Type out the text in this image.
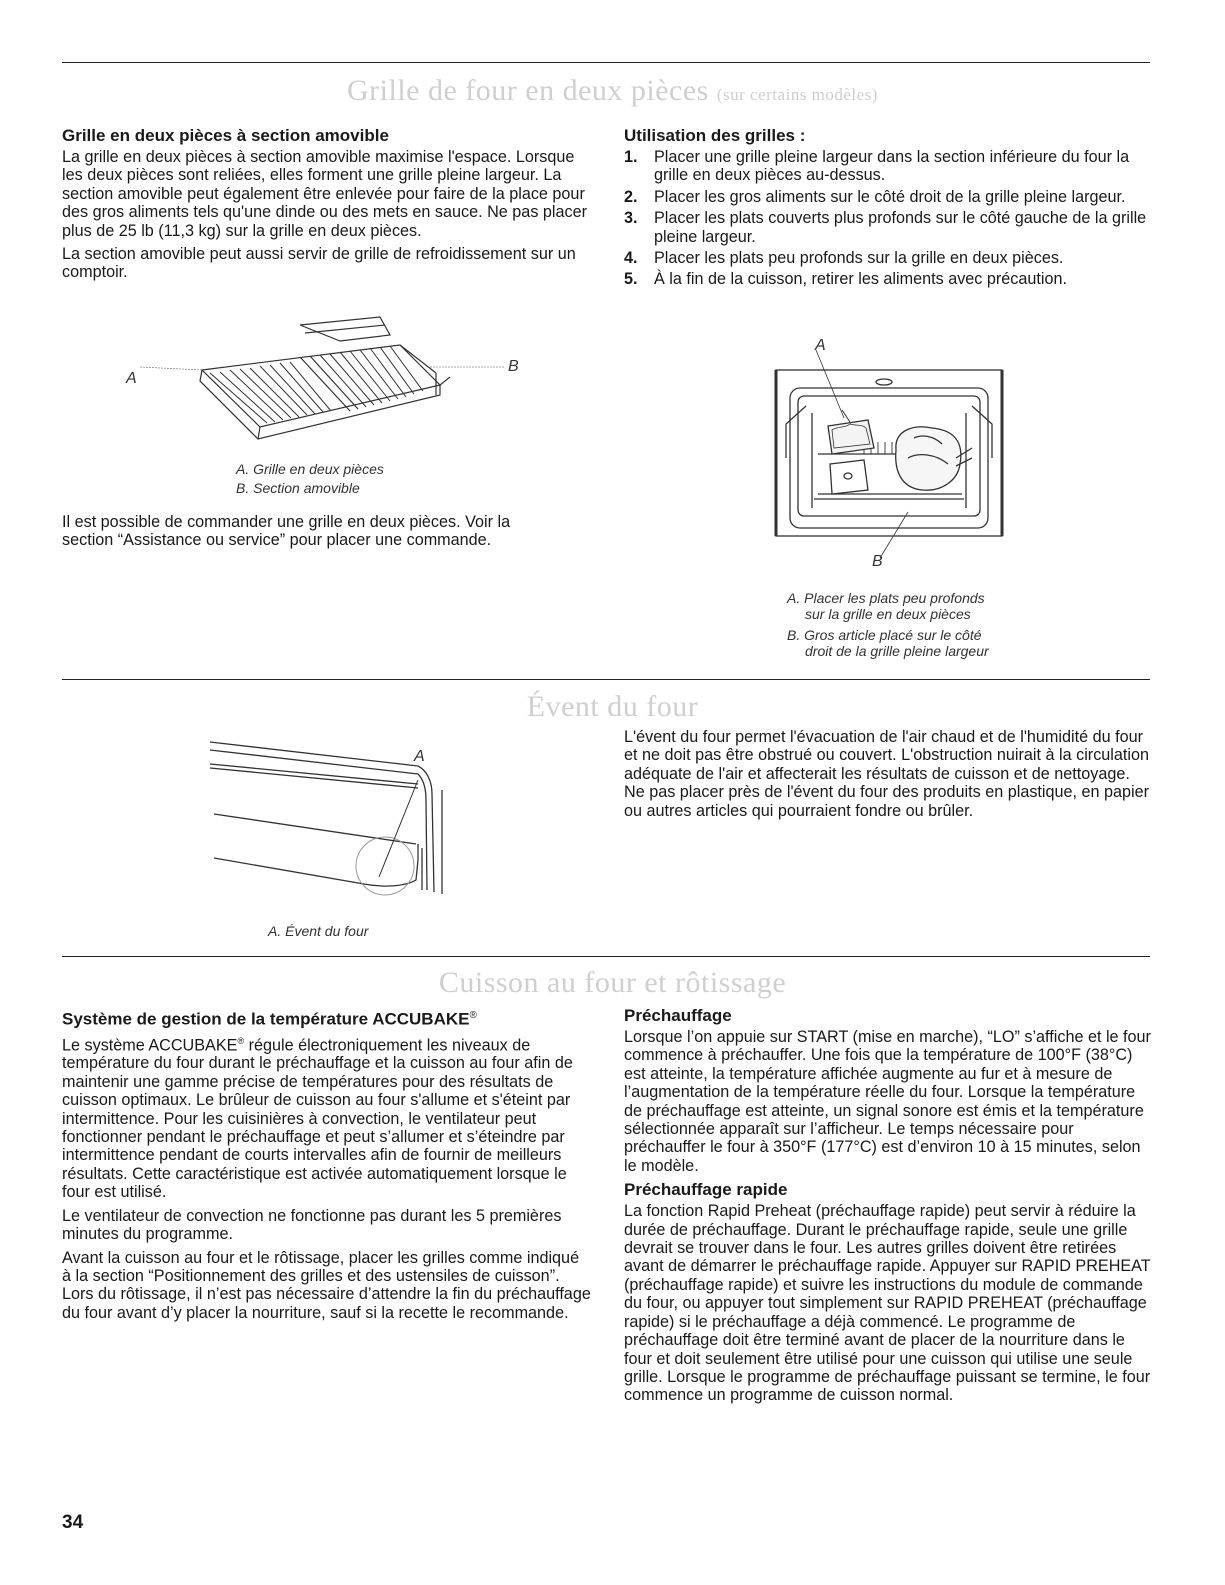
Grille de four en deux pièces (sur certains modèles)
Grille en deux pièces à section amovible

La grille en deux pièces à section amovible maximise l'espace. Lorsque les deux pièces sont reliées, elles forment une grille pleine largeur. La section amovible peut également être enlevée pour faire de la place pour des gros aliments tels qu'une dinde ou des mets en sauce. Ne pas placer plus de 25 lb (11,3 kg) sur la grille en deux pièces.

La section amovible peut aussi servir de grille de refroidissement sur un comptoir.

A
B
A. Grille en deux pièces
B. Section amovible

Il est possible de commander une grille en deux pièces. Voir la section “Assistance ou service” pour placer une commande.

Utilisation des grilles :
1. Placer une grille pleine largeur dans la section inférieure du four la grille en deux pièces au-dessus.
2. Placer les gros aliments sur le côté droit de la grille pleine largeur.
3. Placer les plats couverts plus profonds sur le côté gauche de la grille pleine largeur.
4. Placer les plats peu profonds sur la grille en deux pièces.
5. À la fin de la cuisson, retirer les aliments avec précaution.
A
B
A. Placer les plats peu profonds
sur la grille en deux pièces
B. Gros article placé sur le côté
droit de la grille pleine largeur
Évent du four
A
A. Évent du four

L'évent du four permet l'évacuation de l'air chaud et de l'humidité du four et ne doit pas être obstrué ou couvert. L'obstruction nuirait à la circulation adéquate de l'air et affecterait les résultats de cuisson et de nettoyage. Ne pas placer près de l'évent du four des produits en plastique, en papier ou autres articles qui pourraient fondre ou brûler.

Cuisson au four et rôtissage
Système de gestion de la température ACCUBAKE®

Le système ACCUBAKE® régule électroniquement les niveaux de température du four durant le préchauffage et la cuisson au four afin de maintenir une gamme précise de températures pour des résultats de cuisson optimaux. Le brûleur de cuisson au four s'allume et s'éteint par intermittence. Pour les cuisinières à convection, le ventilateur peut fonctionner pendant le préchauffage et peut s’allumer et s’éteindre par intermittence pendant de courts intervalles afin de fournir de meilleurs résultats. Cette caractéristique est activée automatiquement lorsque le four est utilisé.

Le ventilateur de convection ne fonctionne pas durant les 5 premières minutes du programme.

Avant la cuisson au four et le rôtissage, placer les grilles comme indiqué à la section “Positionnement des grilles et des ustensiles de cuisson”. Lors du rôtissage, il n’est pas nécessaire d’attendre la fin du préchauffage du four avant d’y placer la nourriture, sauf si la recette le recommande.

Préchauffage

Lorsque l’on appuie sur START (mise en marche), “LO” s’affiche et le four commence à préchauffer. Une fois que la température de 100°F (38°C) est atteinte, la température affichée augmente au fur et à mesure de l’augmentation de la température réelle du four. Lorsque la température de préchauffage est atteinte, un signal sonore est émis et la température sélectionnée apparaît sur l’afficheur. Le temps nécessaire pour préchauffer le four à 350°F (177°C) est d’environ 10 à 15 minutes, selon le modèle.

Préchauffage rapide

La fonction Rapid Preheat (préchauffage rapide) peut servir à réduire la durée de préchauffage. Durant le préchauffage rapide, seule une grille devrait se trouver dans le four. Les autres grilles doivent être retirées avant de démarrer le préchauffage rapide. Appuyer sur RAPID PREHEAT (préchauffage rapide) et suivre les instructions du module de commande du four, ou appuyer tout simplement sur RAPID PREHEAT (préchauffage rapide) si le préchauffage a déjà commencé. Le programme de préchauffage doit être terminé avant de placer de la nourriture dans le four et doit seulement être utilisé pour une cuisson qui utilise une seule grille. Lorsque le programme de préchauffage puissant se termine, le four commence un programme de cuisson normal.

34
